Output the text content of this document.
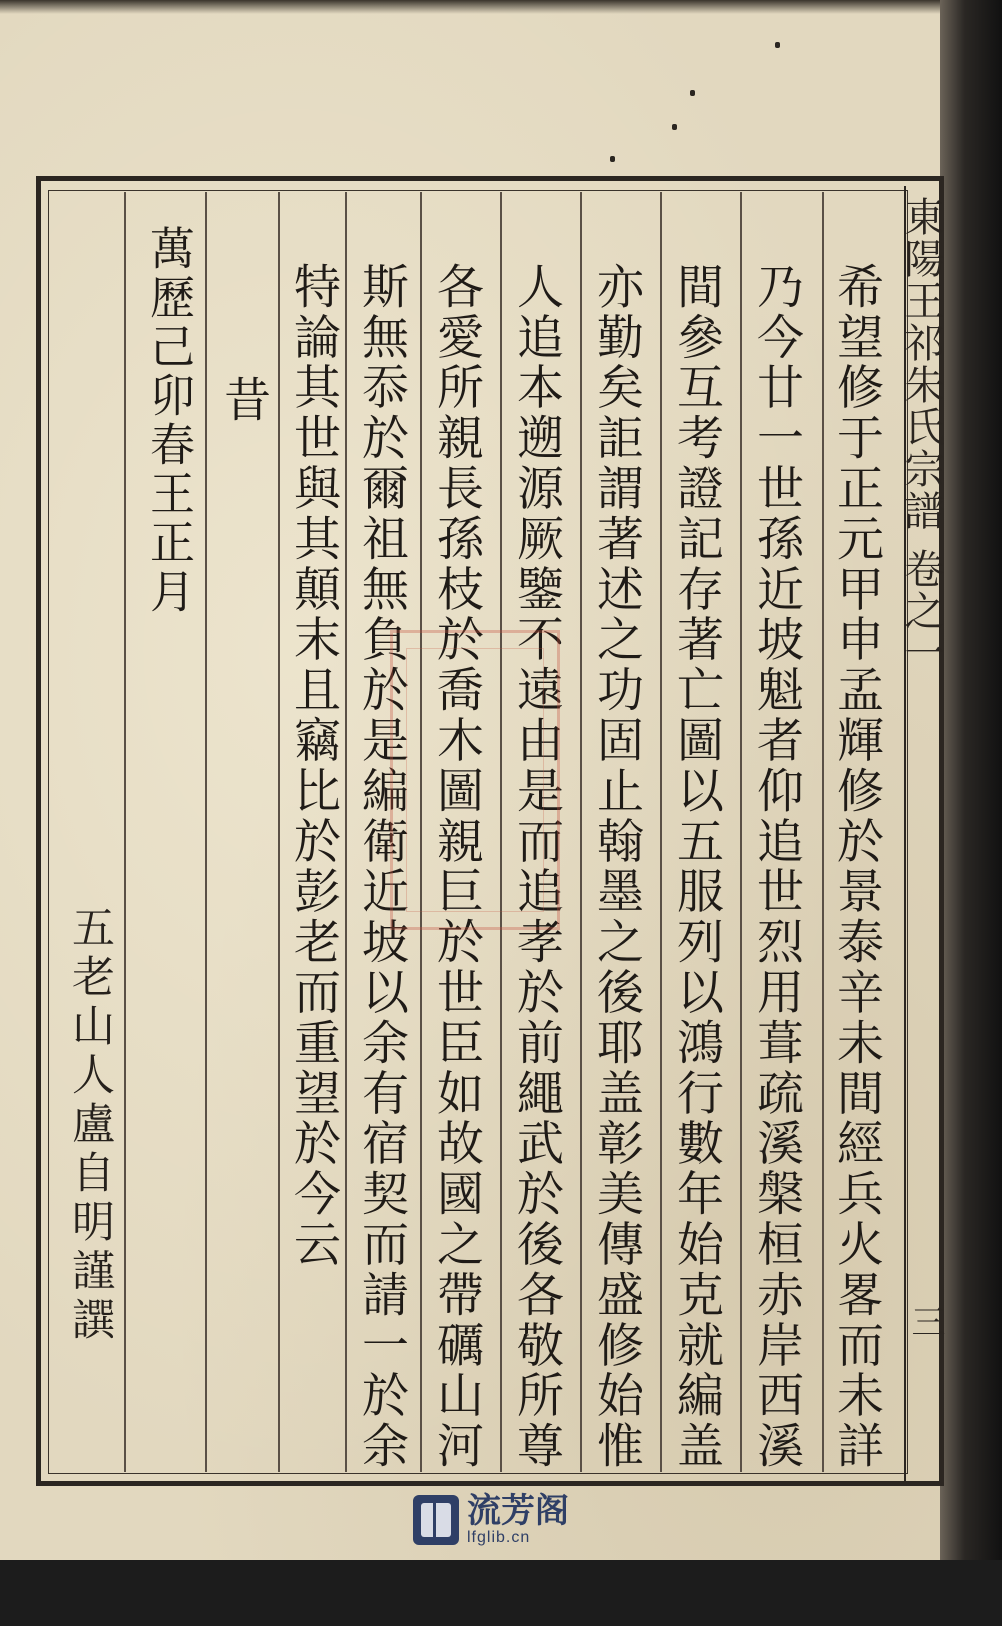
東陽王祁朱氏宗譜卷之一
三
希望修于正元甲申孟輝修於景泰辛未間經兵火畧而未詳
乃今廿一世孫近坡魁者仰追世烈用葺疏溪槃桓赤岸西溪
間參互考證記存著亡圖以五服列以鴻行數年始克就編盖
亦勤矣詎謂著述之功固止翰墨之後耶盖彰美傳盛修始惟
人追本遡源厥鑒不遠由是而追孝於前繩武於後各敬所尊
各愛所親長孫枝於喬木圖親巨於世臣如故國之帶礪山河
斯無忝於爾祖無負於是編衛近坡以余有宿契而請一於余
特論其世與其顛末且竊比於彭老而重望於今云
昔
萬歷己卯春王正月
五老山人盧自明謹譔
流芳阁
lfglib.cn
